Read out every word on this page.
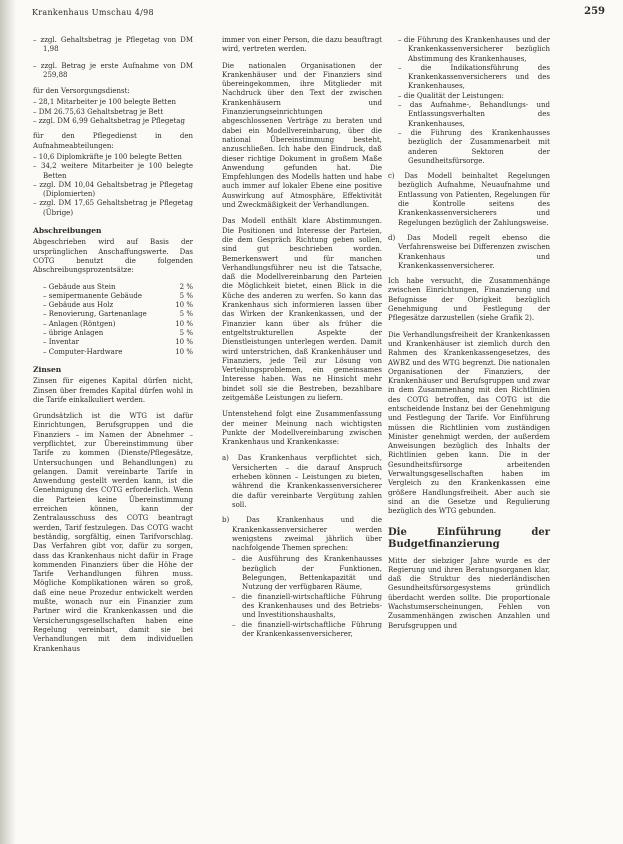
Krankenhaus Umschau 4/98	259

– zzgl. Gehaltsbetrag je Pflegetag von DM 1,98

– zzgl. Betrag je erste Aufnahme von DM 259,88

für den Versorgungsdienst:

– 28,1 Mitarbeiter je 100 belegte Betten
– DM 26.75,63 Gehaltsbetrag je Bett
– zzgl. DM 6,99 Gehaltsbetrag je Pflegetag

für den Pflegedienst in den Aufnahmeabteilungen:

– 10,6 Diplomkräfte je 100 belegte Betten
– 34,2 weitere Mitarbeiter je 100 belegte Betten
– zzgl. DM 10,04 Gehaltsbetrag je Pflegetag (Diplomierten)
– zzgl. DM 17,65 Gehaltsbetrag je Pflegetag (Übrige)
Abschreibungen

Abgeschrieben wird auf Basis der ursprünglichen Anschaffungswerte. Das COTG benutzt die folgenden Abschreibungsprozentsätze:

– Gebäude aus Stein	2 %
– semipermanente Gebäude	5 %
– Gebäude aus Holz	10 %
– Renovierung, Gartenanlage	5 %
– Anlagen (Röntgen)	10 %
– übrige Anlagen	5 %
– Inventar	10 %
– Computer-Hardware	10 %
Zinsen

Zinsen für eigenes Kapital dürfen nicht, Zinsen über fremdes Kapital dürfen wohl in die Tarife einkalkuliert werden.

Grundsätzlich ist die WTG ist dafür Einrichtungen, Berufsgruppen und die Finanziers – im Namen der Abnehmer – verpflichtet, zur Übereinstimmung über Tarife zu kommen (Dienste/Pflegesätze, Untersuchungen und Behandlungen) zu gelangen. Damit vereinbarte Tarife in Anwendung gestellt werden kann, ist die Genehmigung des COTG erforderlich. Wenn die Parteien keine Übereinstimmung erreichen können, kann der Zentralausschuss des COTG beantragt werden, Tarif festzulegen. Das COTG wacht beständig, sorgfältig, einen Tarifvorschlag. Das Verfahren gibt vor, dafür zu sorgen, dass das Krankenhaus nicht dafür in Frage kommenden Finanziers über die Höhe der Tarife Verhandlungen führen muss. Mögliche Komplikationen wären so groß, daß eine neue Prozedur entwickelt werden mußte, wonach nur ein Finanzier zum Partner wird die Krankenkassen und die Versicherungsgesellschaften haben eine Regelung vereinbart, damit sie bei Verhandlungen mit dem individuellen Krankenhaus

immer von einer Person, die dazu beauftragt wird, vertreten werden.

Die nationalen Organisationen der Krankenhäuser und der Finanziers sind übereingekommen, ihre Mitglieder mit Nachdruck über den Text der zwischen Krankenhäusern und Finanzierungseinrichtungen abgeschlossenen Verträge zu beraten und dabei ein Modellvereinbarung, über die national Übereinstimmung besteht, anzuschließen. Ich habe den Eindruck, daß dieser richtige Dokument in großem Maße Anwendung gefunden hat. Die Empfehlungen des Modells hatten und habe auch immer auf lokaler Ebene eine positive Auswirkung auf Atmosphäre, Effektivität und Zweckmäßigkeit der Verhandlungen.

Das Modell enthält klare Abstimmungen. Die Positionen und Interesse der Parteien, die dem Gespräch Richtung geben sollen, sind gut beschrieben worden. Bemerkenswert und für manchen Verhandlungsführer neu ist die Tatsache, daß die Modellvereinbarung den Parteien die Möglichkeit bietet, einen Blick in die Küche des anderen zu werfen. So kann das Krankenhaus sich informieren lassen über das Wirken der Krankenkassen, und der Finanzier kann über als früher die entgeltstrukturellen Aspekte der Dienstleistungen unterlegen werden. Damit wird unterstrichen, daß Krankenhäuser und Finanziers, jede Teil zur Lösung von Verteilungsproblemen, ein gemeinsames Interesse haben. Was ne Hinsicht mehr bindet soll sie die Bestreben, bezahlbare zeitgemäße Leistungen zu liefern.

Untenstehend folgt eine Zusammenfassung der meiner Meinung nach wichtigsten Punkte der Modellvereinbarung zwischen Krankenhaus und Krankenkasse:

a) Das Krankenhaus verpflichtet sich, Versicherten – die darauf Anspruch erheben können – Leistungen zu bieten, während die Krankenkassenversicherer die dafür vereinbarte Vergütung zahlen soll.
b) Das Krankenhaus und die Krankenkassenversicherer werden wenigstens zweimal jährlich über nachfolgende Themen sprechen:
– die Ausführung des Krankenhausses bezüglich der Funktionen, Belegungen, Bettenkapazität und Nutzung der verfügbaren Räume,
– die finanziell-wirtschaftliche Führung des Krankenhauses und des Betriebs- und Investitionshaushalts,
– die finanziell-wirtschaftliche Führung der Krankenkassenversicherer,
– die Führung des Krankenhauses und der Krankenkassenversicherer bezüglich Abstimmung des Krankenhauses,
– die Indikationsführung des Krankenkassenversicherers und des Krankenhauses,
– die Qualität der Leistungen:
– das Aufnahme-, Behandlungs- und Entlassungsverhalten des Krankenhauses,
– die Führung des Krankenhausses bezüglich der Zusammenarbeit mit anderen Sektoren der Gesundheitsfürsorge.
c) Das Modell beinhaltet Regelungen bezüglich Aufnahme, Neuaufnahme und Entlassung von Patienten, Regelungen für die Kontrolle seitens des Krankenkassenversicherers und Regelungen bezüglich der Zahlungsweise.
d) Das Modell regelt ebenso die Verfahrensweise bei Differenzen zwischen Krankenhaus und Krankenkassenversicherer.

Ich habe versucht, die Zusammenhänge zwischen Einrichtungen, Finanzierung und Befugnisse der Obrigkeit bezüglich Genehmigung und Festlegung der Pflegesätze darzustellen (siehe Grafik 2).

Die Verhandlungsfreiheit der Krankenkassen und Krankenhäuser ist ziemlich durch den Rahmen des Krankenkassengesetzes, des AWBZ und des WTG begrenzt. Die nationalen Organisationen der Finanziers, der Krankenhäuser und Berufsgruppen und zwar in dem Zusammenhang mit den Richtlinien des COTG betroffen, das COTG ist die entscheidende Instanz bei der Genehmigung und Festlegung der Tarife. Vor Einführung müssen die Richtlinien vom zuständigen Minister genehmigt werden, der außerdem Anweisungen bezüglich des Inhalts der Richtlinien geben kann. Die in der Gesundheitsfürsorge arbeitenden Verwaltungsgesellschaften haben im Vergleich zu den Krankenkassen eine größere Handlungsfreiheit. Aber auch sie sind an die Gesetze und Regulierung bezüglich des WTG gebunden.

Die Einführung der Budgetfinanzierung

Mitte der siebziger Jahre wurde es der Regierung und ihren Beratungsorganen klar, daß die Struktur des niederländischen Gesundheitsfürsorgesystems gründlich überdacht werden sollte. Die proportionale Wachstumserscheinungen, Fehlen von Zusammenhängen zwischen Anzahlen und Berufsgruppen und
